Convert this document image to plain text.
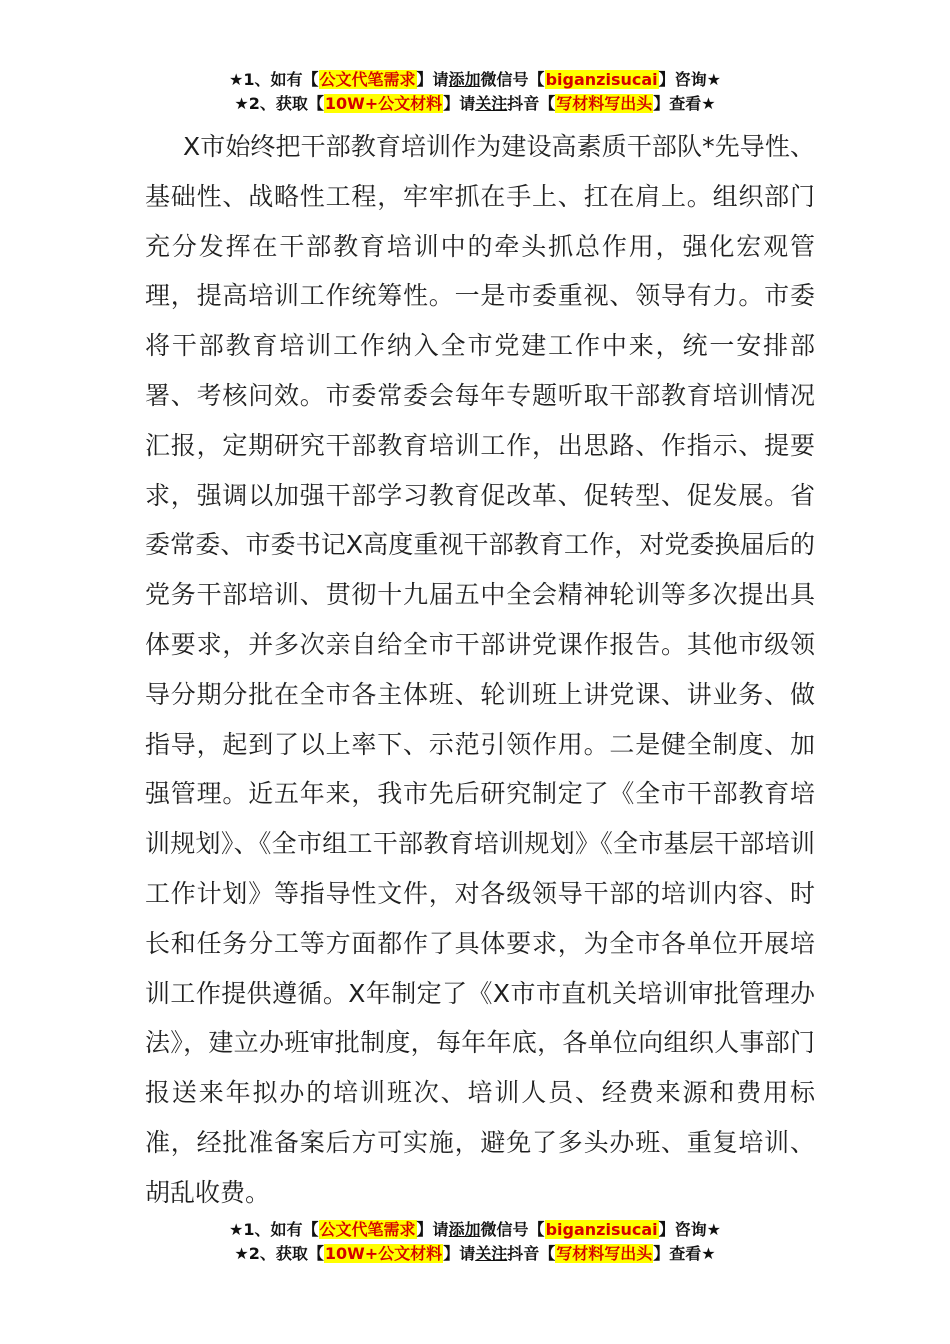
★1、如有【公文代笔需求】请添加微信号【biganzisucai】咨询★
★2、获取【10W+公文材料】请关注抖音【写材料写出头】查看★
X市始终把干部教育培训作为建设高素质干部队*先导性、基础性、战略性工程，牢牢抓在手上、扛在肩上。组织部门充分发挥在干部教育培训中的牵头抓总作用，强化宏观管理，提高培训工作统筹性。一是市委重视、领导有力。市委将干部教育培训工作纳入全市党建工作中来，统一安排部署、考核问效。市委常委会每年专题听取干部教育培训情况汇报，定期研究干部教育培训工作，出思路、作指示、提要求，强调以加强干部学习教育促改革、促转型、促发展。省委常委、市委书记X高度重视干部教育工作，对党委换届后的党务干部培训、贯彻十九届五中全会精神轮训等多次提出具体要求，并多次亲自给全市干部讲党课作报告。其他市级领导分期分批在全市各主体班、轮训班上讲党课、讲业务、做指导，起到了以上率下、示范引领作用。二是健全制度、加强管理。近五年来，我市先后研究制定了《全市干部教育培训规划》、《全市组工干部教育培训规划》《全市基层干部培训工作计划》等指导性文件，对各级领导干部的培训内容、时长和任务分工等方面都作了具体要求，为全市各单位开展培训工作提供遵循。X年制定了《X市市直机关培训审批管理办法》，建立办班审批制度，每年年底，各单位向组织人事部门报送来年拟办的培训班次、培训人员、经费来源和费用标准，经批准备案后方可实施，避免了多头办班、重复培训、胡乱收费。
★1、如有【公文代笔需求】请添加微信号【biganzisucai】咨询★
★2、获取【10W+公文材料】请关注抖音【写材料写出头】查看★
